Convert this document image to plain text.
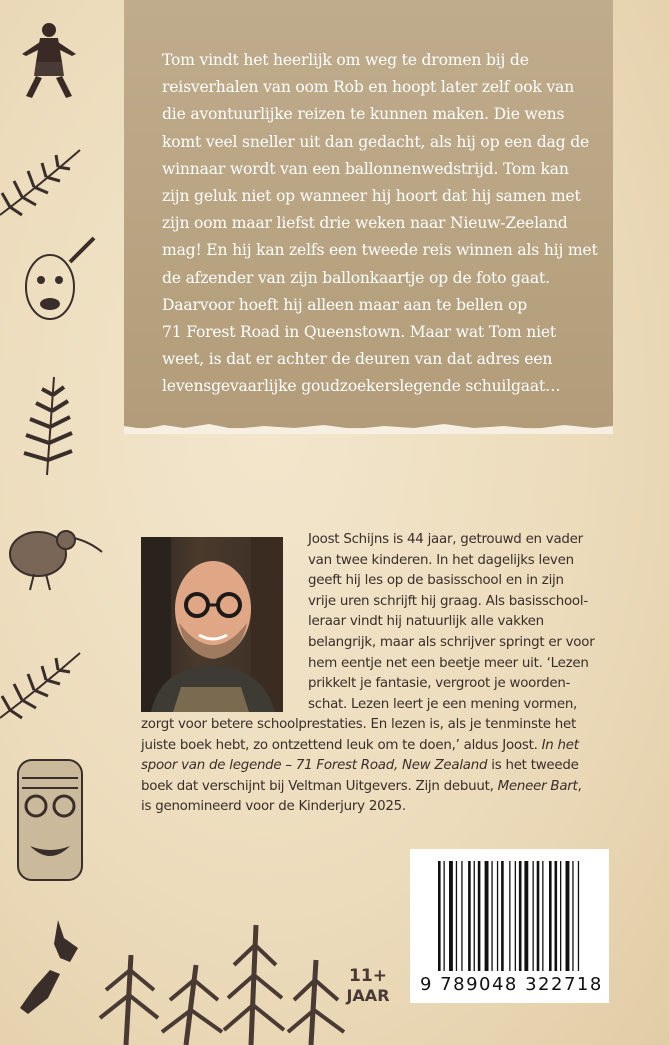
Tom vindt het heerlijk om weg te dromen bij de
reisverhalen van oom Rob en hoopt later zelf ook van
die avontuurlijke reizen te kunnen maken. Die wens
komt veel sneller uit dan gedacht, als hij op een dag de
winnaar wordt van een ballonnenwedstrijd. Tom kan
zijn geluk niet op wanneer hij hoort dat hij samen met
zijn oom maar liefst drie weken naar Nieuw-Zeeland
mag! En hij kan zelfs een tweede reis winnen als hij met
de afzender van zijn ballonkaartje op de foto gaat.
Daarvoor hoeft hij alleen maar aan te bellen op
71 Forest Road in Queenstown. Maar wat Tom niet
weet, is dat er achter de deuren van dat adres een
levensgevaarlijke goudzoekerslegende schuilgaat…
Joost Schijns is 44 jaar, getrouwd en vader
van twee kinderen. In het dagelijks leven
geeft hij les op de basisschool en in zijn
vrije uren schrijft hij graag. Als basisschool-
leraar vindt hij natuurlijk alle vakken
belangrijk, maar als schrijver springt er voor
hem eentje net een beetje meer uit. ‘Lezen
prikkelt je fantasie, vergroot je woorden-
schat. Lezen leert je een mening vormen,
zorgt voor betere schoolprestaties. En lezen is, als je tenminste het
juiste boek hebt, zo ontzettend leuk om te doen,’ aldus Joost. In het
spoor van de legende – 71 Forest Road, New Zealand is het tweede
boek dat verschijnt bij Veltman Uitgevers. Zijn debuut, Meneer Bart,
is genomineerd voor de Kinderjury 2025.
11+
JAAR
9 789048 322718
